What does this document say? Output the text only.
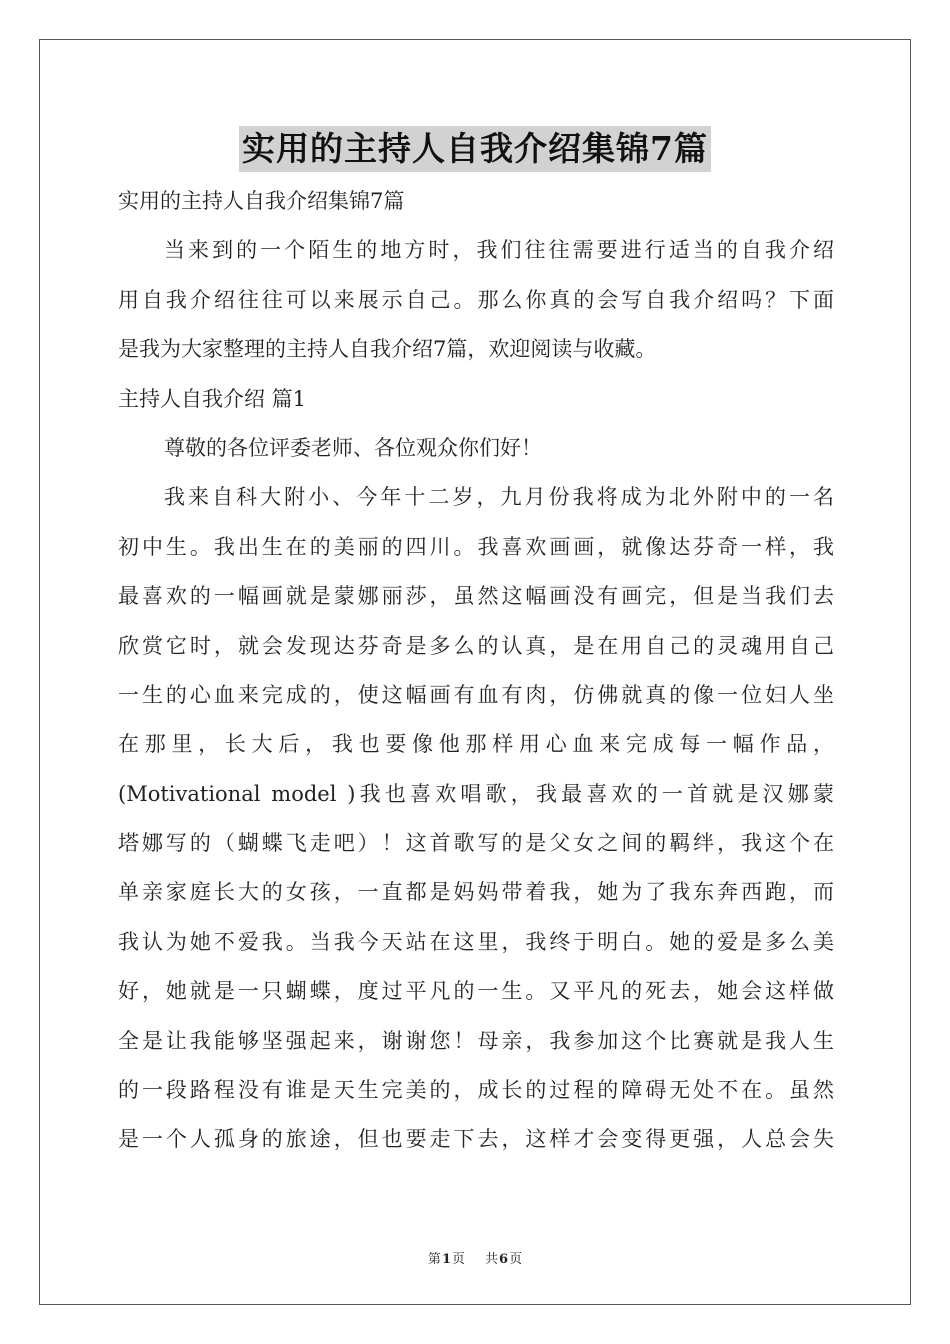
实用的主持人自我介绍集锦7篇
实用的主持人自我介绍集锦7篇
当来到的一个陌生的地方时，我们往往需要进行适当的自我介绍
用自我介绍往往可以来展示自己。那么你真的会写自我介绍吗？下面
是我为大家整理的主持人自我介绍7篇，欢迎阅读与收藏。
主持人自我介绍 篇1
尊敬的各位评委老师、各位观众你们好！
我来自科大附小、今年十二岁，九月份我将成为北外附中的一名
初中生。我出生在的美丽的四川。我喜欢画画，就像达芬奇一样，我
最喜欢的一幅画就是蒙娜丽莎，虽然这幅画没有画完，但是当我们去
欣赏它时，就会发现达芬奇是多么的认真，是在用自己的灵魂用自己
一生的心血来完成的，使这幅画有血有肉，仿佛就真的像一位妇人坐
在那里，长大后，我也要像他那样用心血来完成每一幅作品，
(Motivational model )我也喜欢唱歌，我最喜欢的一首就是汉娜蒙
塔娜写的（蝴蝶飞走吧）！这首歌写的是父女之间的羁绊，我这个在
单亲家庭长大的女孩，一直都是妈妈带着我，她为了我东奔西跑，而
我认为她不爱我。当我今天站在这里，我终于明白。她的爱是多么美
好，她就是一只蝴蝶，度过平凡的一生。又平凡的死去，她会这样做
全是让我能够坚强起来，谢谢您！母亲，我参加这个比赛就是我人生
的一段路程没有谁是天生完美的，成长的过程的障碍无处不在。虽然
是一个人孤身的旅途，但也要走下去，这样才会变得更强，人总会失
第1页 共6页
